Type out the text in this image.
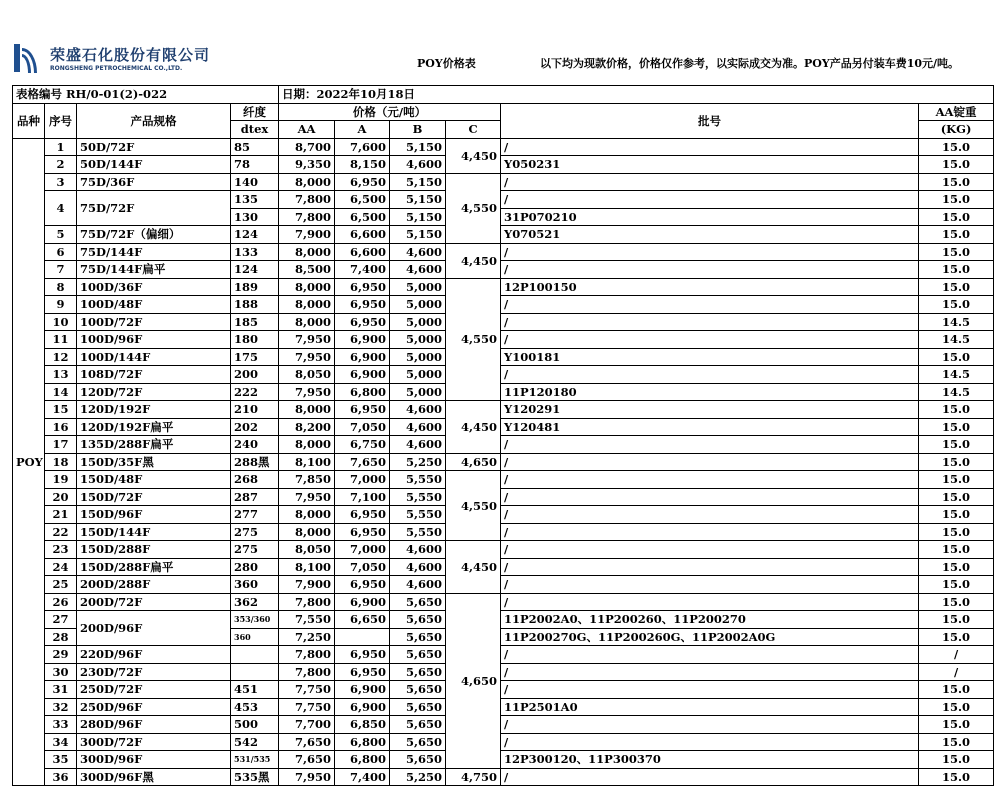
荣盛石化股份有限公司
RONGSHENG PETROCHEMICAL CO.,LTD.	POY价格表	以下均为现款价格，价格仅作参考，以实际成交为准。POY产品另付装车费10元/吨。
表格编号 RH/0-01(2)-022				日期：2022年10月18日					
品种	序号	产品规格	纤度	价格（元/吨）				批号	AA锭重
			dtex	AA	A	B	C		(KG)
POY	1	50D/72F	85	8,700	7,600	5,150	4,450	/	15.0
	2	50D/144F	78	9,350	8,150	4,600		Y050231	15.0
	3	75D/36F	140	8,000	6,950	5,150	4,550	/	15.0
	4	75D/72F	135	7,800	6,500	5,150		/	15.0
			130	7,800	6,500	5,150		31P070210	15.0
	5	75D/72F（偏细）	124	7,900	6,600	5,150		Y070521	15.0
	6	75D/144F	133	8,000	6,600	4,600	4,450	/	15.0
	7	75D/144F扁平	124	8,500	7,400	4,600		/	15.0
	8	100D/36F	189	8,000	6,950	5,000	4,550	12P100150	15.0
	9	100D/48F	188	8,000	6,950	5,000		/	15.0
	10	100D/72F	185	8,000	6,950	5,000		/	14.5
	11	100D/96F	180	7,950	6,900	5,000		/	14.5
	12	100D/144F	175	7,950	6,900	5,000		Y100181	15.0
	13	108D/72F	200	8,050	6,900	5,000		/	14.5
	14	120D/72F	222	7,950	6,800	5,000		11P120180	14.5
	15	120D/192F	210	8,000	6,950	4,600	4,450	Y120291	15.0
	16	120D/192F扁平	202	8,200	7,050	4,600		Y120481	15.0
	17	135D/288F扁平	240	8,000	6,750	4,600		/	15.0
	18	150D/35F黑	288黑	8,100	7,650	5,250	4,650	/	15.0
	19	150D/48F	268	7,850	7,000	5,550	4,550	/	15.0
	20	150D/72F	287	7,950	7,100	5,550		/	15.0
	21	150D/96F	277	8,000	6,950	5,550		/	15.0
	22	150D/144F	275	8,000	6,950	5,550		/	15.0
	23	150D/288F	275	8,050	7,000	4,600	4,450	/	15.0
	24	150D/288F扁平	280	8,100	7,050	4,600		/	15.0
	25	200D/288F	360	7,900	6,950	4,600		/	15.0
	26	200D/72F	362	7,800	6,900	5,650	4,650	/	15.0
	27	200D/96F	353/360	7,550	6,650	5,650		11P2002A0、11P200260、11P200270	15.0
	28		360	7,250		5,650		11P200270G、11P200260G、11P2002A0G	15.0
	29	220D/96F		7,800	6,950	5,650		/	/
	30	230D/72F		7,800	6,950	5,650		/	/
	31	250D/72F	451	7,750	6,900	5,650		/	15.0
	32	250D/96F	453	7,750	6,900	5,650		11P2501A0	15.0
	33	280D/96F	500	7,700	6,850	5,650		/	15.0
	34	300D/72F	542	7,650	6,800	5,650		/	15.0
	35	300D/96F	531/535	7,650	6,800	5,650		12P300120、11P300370	15.0
	36	300D/96F黑	535黑	7,950	7,400	5,250	4,750	/	15.0
